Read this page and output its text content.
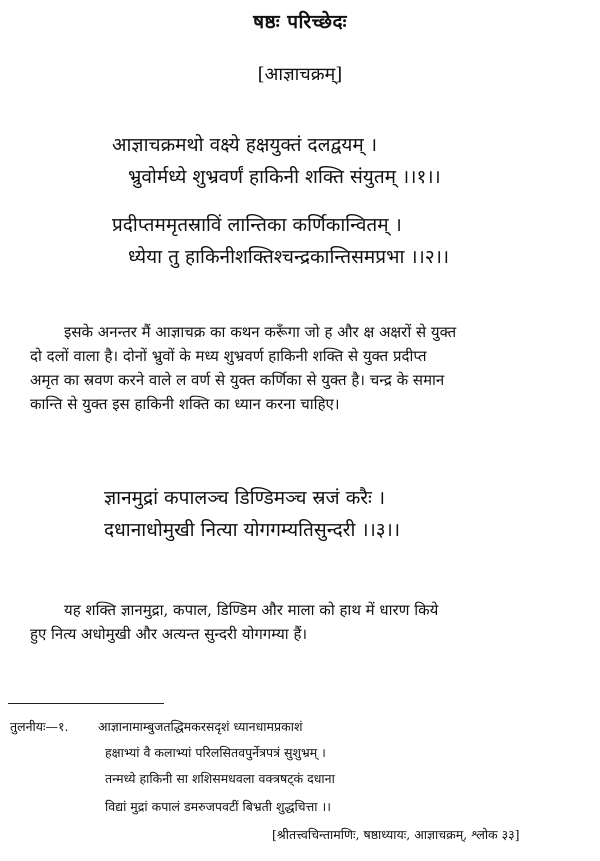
षष्ठः परिच्छेदः
[आज्ञाचक्रम्]
आज्ञाचक्रमथो वक्ष्ये हक्षयुक्तं दलद्वयम् ।
भ्रुवोर्मध्ये शुभ्रवर्णं हाकिनी शक्ति संयुतम् ।।१।।
प्रदीप्तममृतस्राविं लान्तिका कर्णिकान्वितम् ।
ध्येया तु हाकिनीशक्तिश्चन्द्रकान्तिसमप्रभा ।।२।।
इसके अनन्तर मैं आज्ञाचक्र का कथन करूँगा जो ह और क्ष अक्षरों से युक्त
दो दलों वाला है। दोनों भ्रुवों के मध्य शुभ्रवर्ण हाकिनी शक्ति से युक्त प्रदीप्त
अमृत का स्रवण करने वाले ल वर्ण से युक्त कर्णिका से युक्त है। चन्द्र के समान
कान्ति से युक्त इस हाकिनी शक्ति का ध्यान करना चाहिए।
ज्ञानमुद्रां कपालञ्च डिण्डिमञ्च स्रजं करैः ।
दधानाधोमुखी नित्या योगगम्यतिसुन्दरी ।।३।।
यह शक्ति ज्ञानमुद्रा, कपाल, डिण्डिम और माला को हाथ में धारण किये
हुए नित्य अधोमुखी और अत्यन्त सुन्दरी योगगम्या हैं।
तुलनीयः—१. आज्ञानामाम्बुजतद्धिमकरसदृशं ध्यानधामप्रकाशं
हक्षाभ्यां वै कलाभ्यां परिलसितवपुर्नेत्रपत्रं सुशुभ्रम् ।
तन्मध्ये हाकिनी सा शशिसमधवला वक्त्रषट्कं दधाना
विद्यां मुद्रां कपालं डमरुजपवटीं बिभ्रती शुद्धचित्ता ।।
[श्रीतत्त्वचिन्तामणिः, षष्ठाध्यायः, आज्ञाचक्रम्, श्लोक ३३]
